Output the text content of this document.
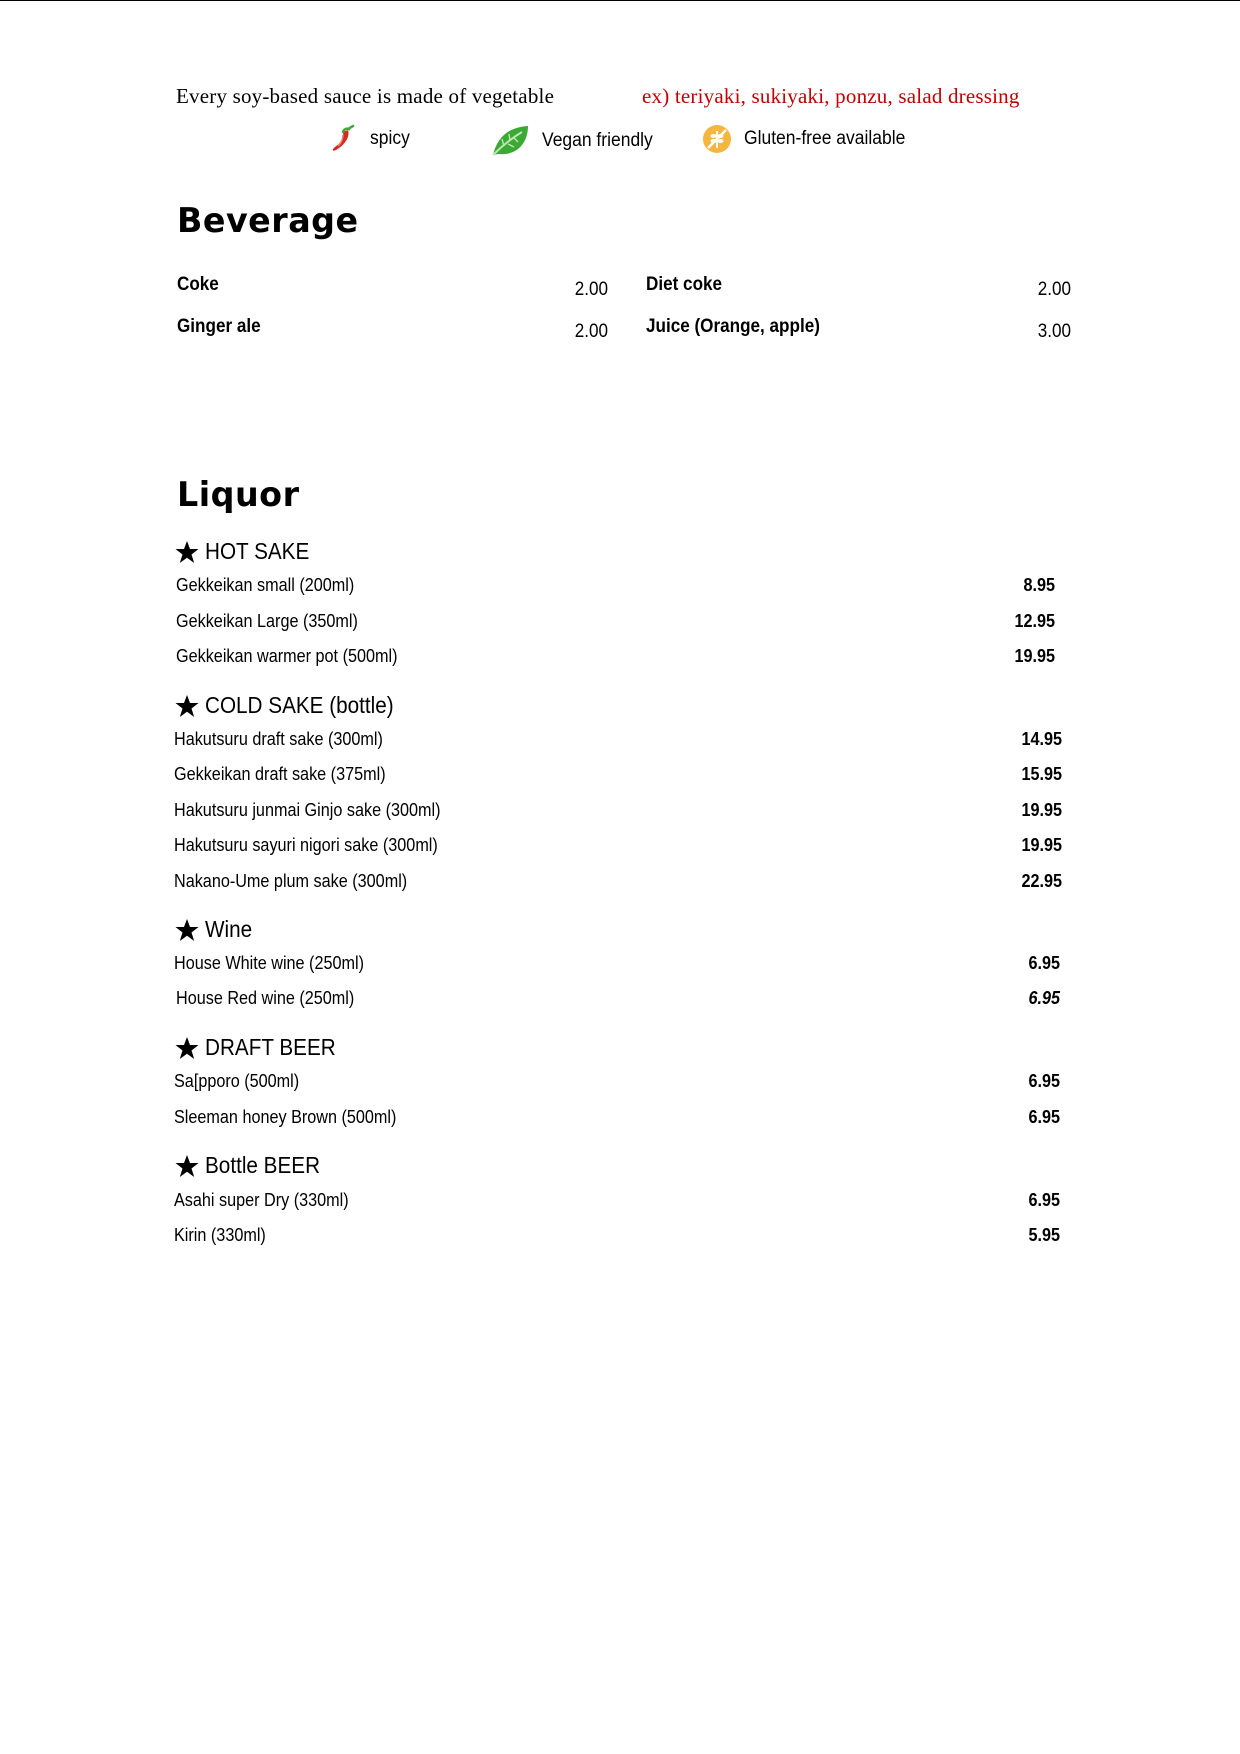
Every soy-based sauce is made of vegetable	ex) teriyaki, sukiyaki, ponzu, salad dressing
spicy	Vegan friendly	Gluten-free available
Beverage
Coke	2.00 Diet coke	2.00
Ginger ale	2.00 Juice (Orange, apple)	3.00
Liquor
HOT SAKE
Gekkeikan small (200ml)	8.95
Gekkeikan Large (350ml)	12.95
Gekkeikan warmer pot (500ml)	19.95
COLD SAKE (bottle)
Hakutsuru draft sake (300ml)	14.95
Gekkeikan draft sake (375ml)	15.95
Hakutsuru junmai Ginjo sake (300ml)	19.95
Hakutsuru sayuri nigori sake (300ml)	19.95
Nakano-Ume plum sake (300ml)	22.95
Wine
House White wine (250ml)	6.95
House Red wine (250ml)	6.95
DRAFT BEER
Sa[pporo (500ml)	6.95
Sleeman honey Brown (500ml)	6.95
Bottle BEER
Asahi super Dry (330ml)	6.95
Kirin (330ml)	5.95
